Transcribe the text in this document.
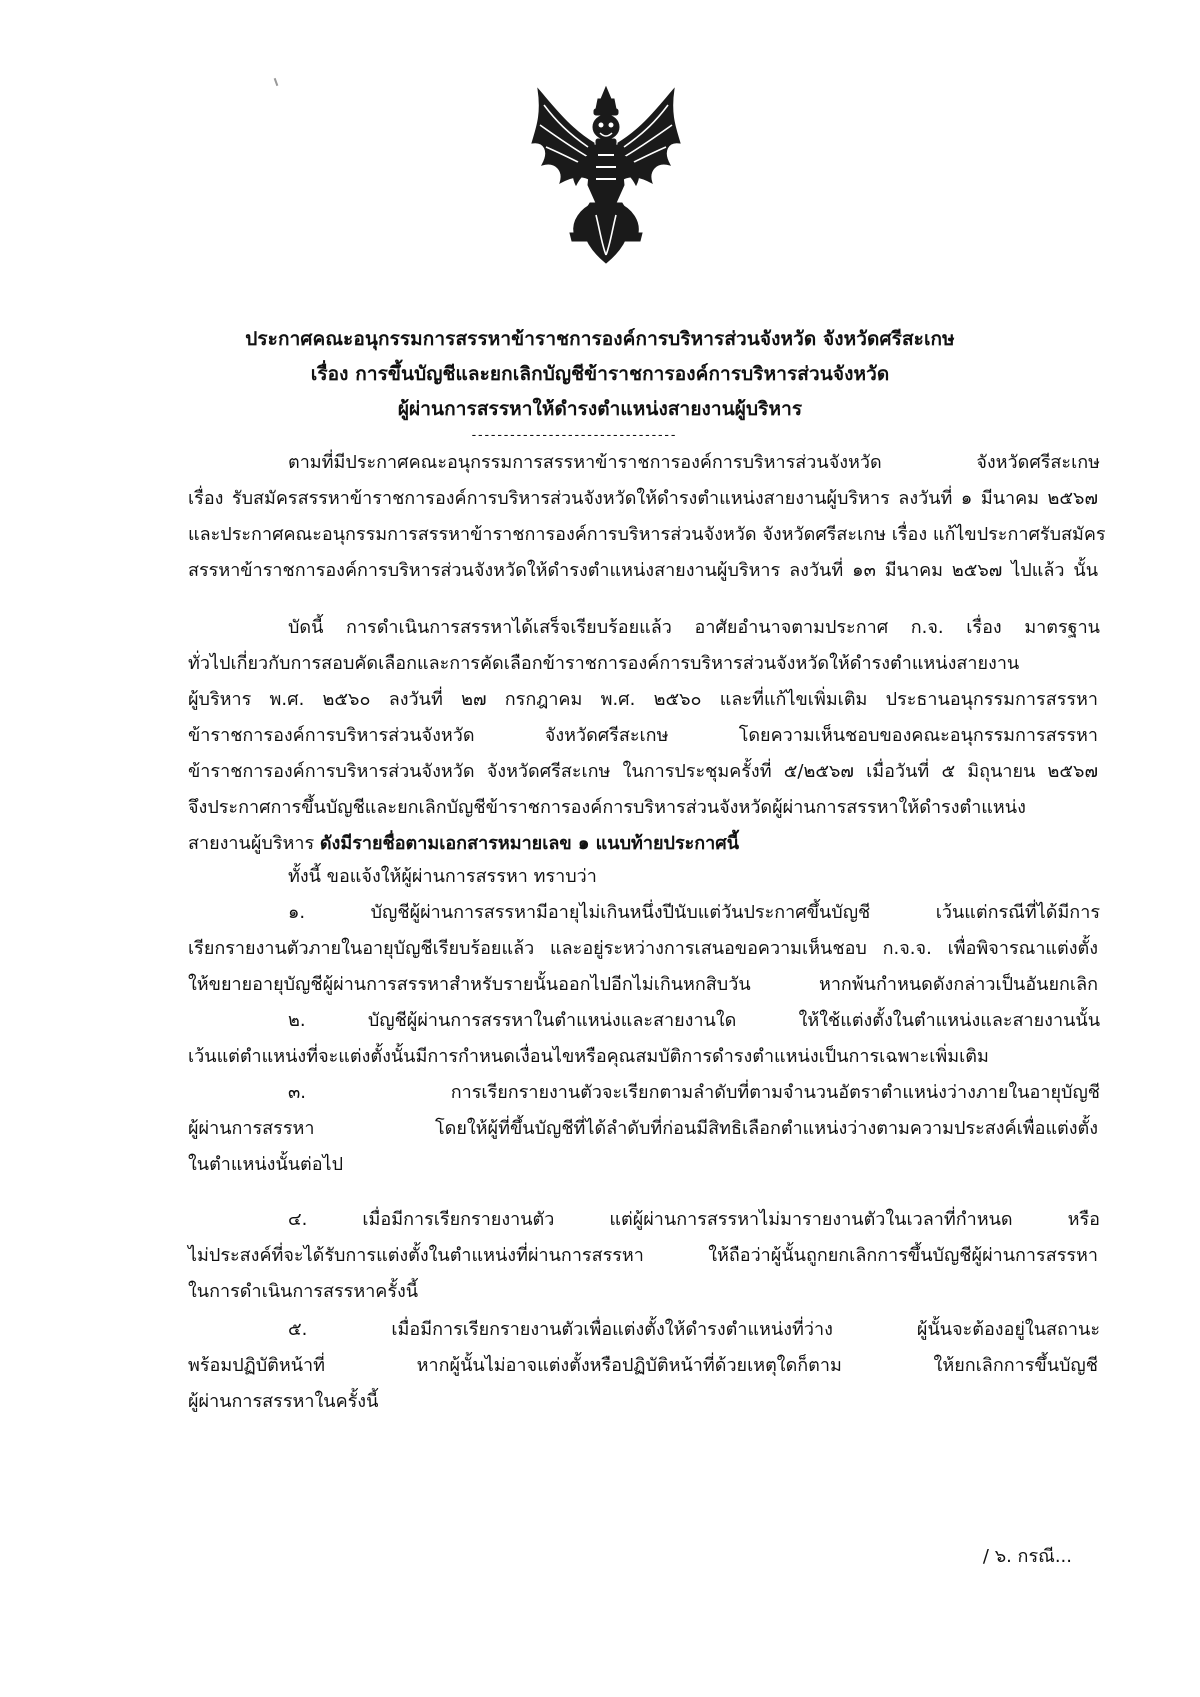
ประกาศคณะอนุกรรมการสรรหาข้าราชการองค์การบริหารส่วนจังหวัด จังหวัดศรีสะเกษ
เรื่อง การขึ้นบัญชีและยกเลิกบัญชีข้าราชการองค์การบริหารส่วนจังหวัด
ผู้ผ่านการสรรหาให้ดำรงตำแหน่งสายงานผู้บริหาร
--------------------------------
ตามที่มีประกาศคณะอนุกรรมการสรรหาข้าราชการองค์การบริหารส่วนจังหวัด จังหวัดศรีสะเกษ
เรื่อง รับสมัครสรรหาข้าราชการองค์การบริหารส่วนจังหวัดให้ดำรงตำแหน่งสายงานผู้บริหาร ลงวันที่ ๑ มีนาคม ๒๕๖๗
และประกาศคณะอนุกรรมการสรรหาข้าราชการองค์การบริหารส่วนจังหวัด จังหวัดศรีสะเกษ เรื่อง แก้ไขประกาศรับสมัคร
สรรหาข้าราชการองค์การบริหารส่วนจังหวัดให้ดำรงตำแหน่งสายงานผู้บริหาร ลงวันที่ ๑๓ มีนาคม ๒๕๖๗ ไปแล้ว นั้น
บัดนี้ การดำเนินการสรรหาได้เสร็จเรียบร้อยแล้ว อาศัยอำนาจตามประกาศ ก.จ. เรื่อง มาตรฐาน
ทั่วไปเกี่ยวกับการสอบคัดเลือกและการคัดเลือกข้าราชการองค์การบริหารส่วนจังหวัดให้ดำรงตำแหน่งสายงาน
ผู้บริหาร พ.ศ. ๒๕๖๐ ลงวันที่ ๒๗ กรกฎาคม พ.ศ. ๒๕๖๐ และที่แก้ไขเพิ่มเติม ประธานอนุกรรมการสรรหา
ข้าราชการองค์การบริหารส่วนจังหวัด จังหวัดศรีสะเกษ โดยความเห็นชอบของคณะอนุกรรมการสรรหา
ข้าราชการองค์การบริหารส่วนจังหวัด จังหวัดศรีสะเกษ ในการประชุมครั้งที่ ๕/๒๕๖๗ เมื่อวันที่ ๕ มิถุนายน ๒๕๖๗
จึงประกาศการขึ้นบัญชีและยกเลิกบัญชีข้าราชการองค์การบริหารส่วนจังหวัดผู้ผ่านการสรรหาให้ดำรงตำแหน่ง
สายงานผู้บริหาร ดังมีรายชื่อตามเอกสารหมายเลข ๑ แนบท้ายประกาศนี้
ทั้งนี้ ขอแจ้งให้ผู้ผ่านการสรรหา ทราบว่า
๑. บัญชีผู้ผ่านการสรรหามีอายุไม่เกินหนึ่งปีนับแต่วันประกาศขึ้นบัญชี เว้นแต่กรณีที่ได้มีการ
เรียกรายงานตัวภายในอายุบัญชีเรียบร้อยแล้ว และอยู่ระหว่างการเสนอขอความเห็นชอบ ก.จ.จ. เพื่อพิจารณาแต่งตั้ง
ให้ขยายอายุบัญชีผู้ผ่านการสรรหาสำหรับรายนั้นออกไปอีกไม่เกินหกสิบวัน หากพ้นกำหนดดังกล่าวเป็นอันยกเลิก
๒. บัญชีผู้ผ่านการสรรหาในตำแหน่งและสายงานใด ให้ใช้แต่งตั้งในตำแหน่งและสายงานนั้น
เว้นแต่ตำแหน่งที่จะแต่งตั้งนั้นมีการกำหนดเงื่อนไขหรือคุณสมบัติการดำรงตำแหน่งเป็นการเฉพาะเพิ่มเติม
๓. การเรียกรายงานตัวจะเรียกตามลำดับที่ตามจำนวนอัตราตำแหน่งว่างภายในอายุบัญชี
ผู้ผ่านการสรรหา โดยให้ผู้ที่ขึ้นบัญชีที่ได้ลำดับที่ก่อนมีสิทธิเลือกตำแหน่งว่างตามความประสงค์เพื่อแต่งตั้ง
ในตำแหน่งนั้นต่อไป
๔. เมื่อมีการเรียกรายงานตัว แต่ผู้ผ่านการสรรหาไม่มารายงานตัวในเวลาที่กำหนด หรือ
ไม่ประสงค์ที่จะได้รับการแต่งตั้งในตำแหน่งที่ผ่านการสรรหา ให้ถือว่าผู้นั้นถูกยกเลิกการขึ้นบัญชีผู้ผ่านการสรรหา
ในการดำเนินการสรรหาครั้งนี้
๕. เมื่อมีการเรียกรายงานตัวเพื่อแต่งตั้งให้ดำรงตำแหน่งที่ว่าง ผู้นั้นจะต้องอยู่ในสถานะ
พร้อมปฏิบัติหน้าที่ หากผู้นั้นไม่อาจแต่งตั้งหรือปฏิบัติหน้าที่ด้วยเหตุใดก็ตาม ให้ยกเลิกการขึ้นบัญชี
ผู้ผ่านการสรรหาในครั้งนี้
/ ๖. กรณี...
